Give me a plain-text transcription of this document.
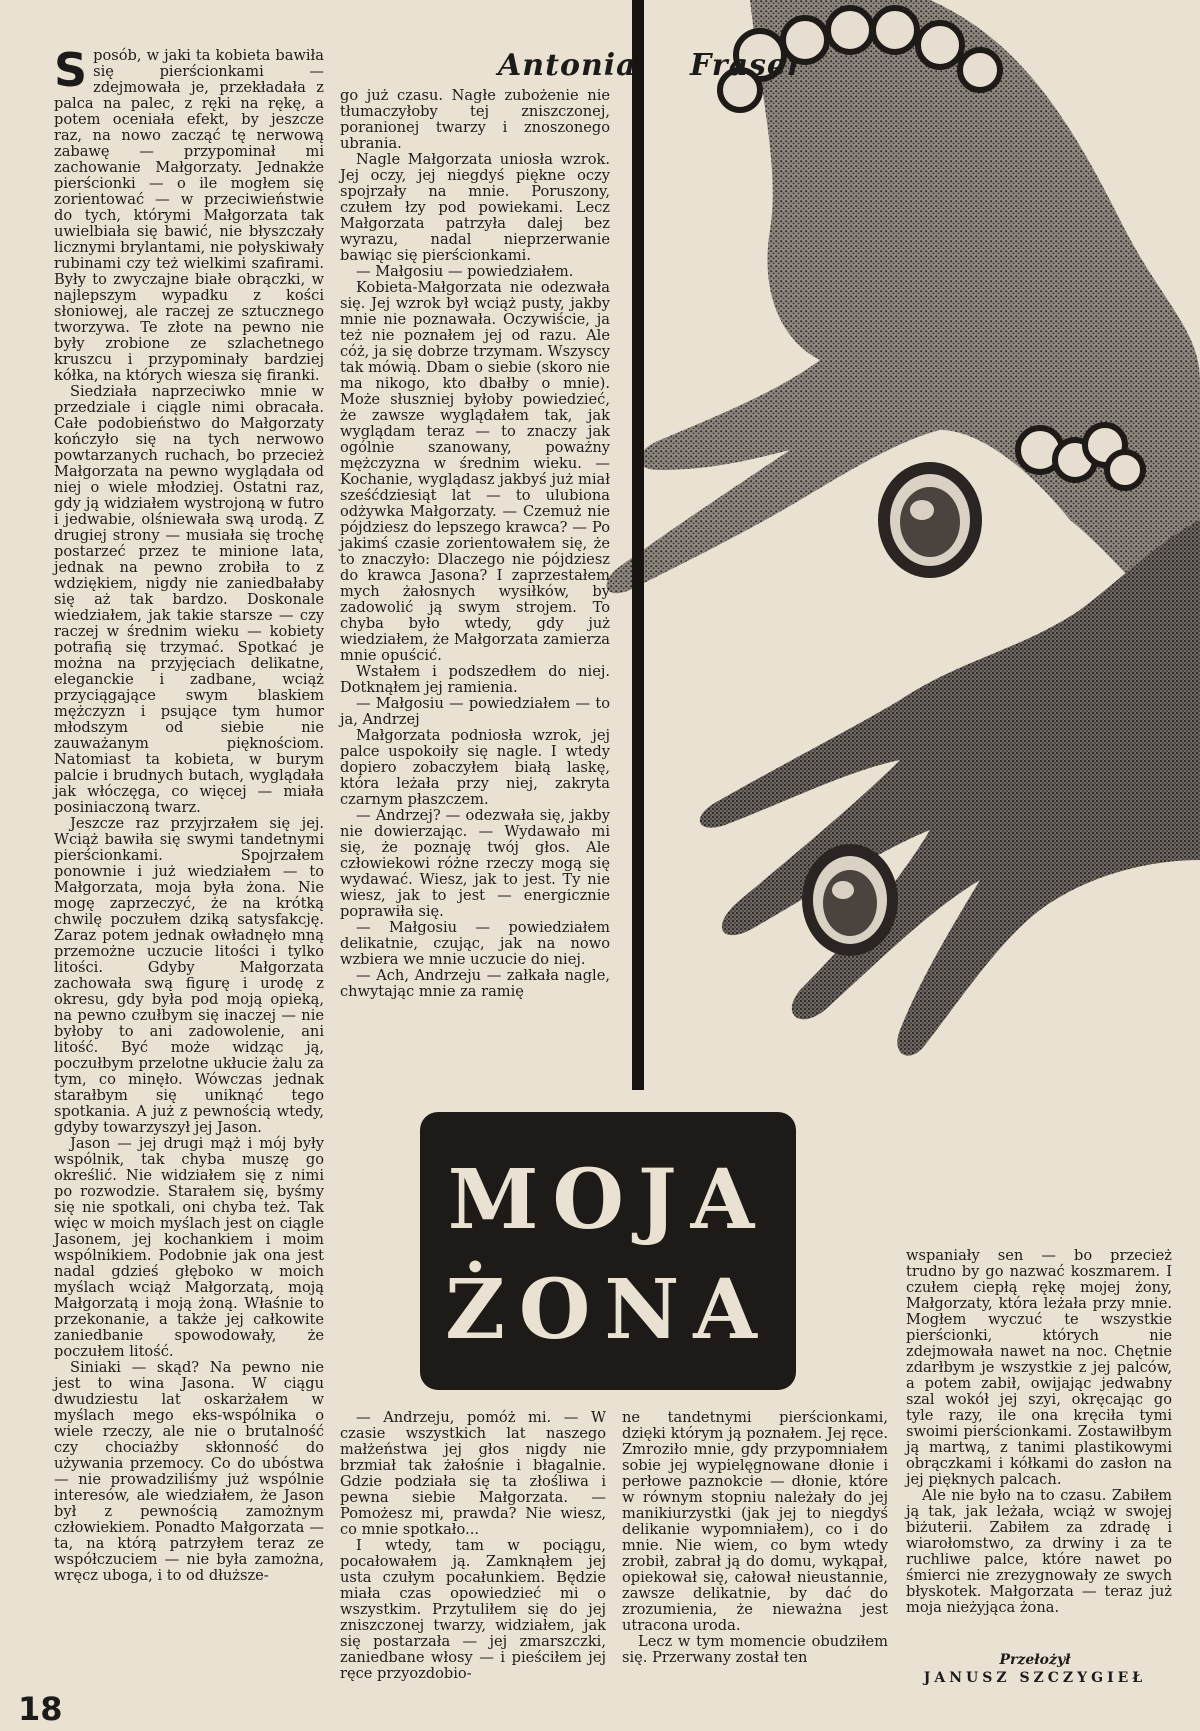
Antonia Fraser

Sposób, w jaki ta kobieta bawiła się pierścionkami — zdejmowała je, przekładała z palca na palec, z ręki na rękę, a potem oceniała efekt, by jeszcze raz, na nowo zacząć tę nerwową zabawę — przypominał mi zachowanie Małgorzaty. Jednakże pierścionki — o ile mogłem się zorientować — w przeciwieństwie do tych, którymi Małgorzata tak uwielbiała się bawić, nie błyszczały licznymi brylantami, nie połyskiwały rubinami czy też wielkimi szafirami. Były to zwyczajne białe obrączki, w najlepszym wypadku z kości słoniowej, ale raczej ze sztucznego tworzywa. Te złote na pewno nie były zrobione ze szlachetnego kruszcu i przypominały bardziej kółka, na których wiesza się firanki.

Siedziała naprzeciwko mnie w przedziale i ciągle nimi obracała. Całe podobieństwo do Małgorzaty kończyło się na tych nerwowo powtarzanych ruchach, bo przecież Małgorzata na pewno wyglądała od niej o wiele młodziej. Ostatni raz, gdy ją widziałem wystrojoną w futro i jedwabie, olśniewała swą urodą. Z drugiej strony — musiała się trochę postarzeć przez te minione lata, jednak na pewno zrobiła to z wdziękiem, nigdy nie zaniedbałaby się aż tak bardzo. Doskonale wiedziałem, jak takie starsze — czy raczej w średnim wieku — kobiety potrafią się trzymać. Spotkać je można na przyjęciach delikatne, eleganckie i zadbane, wciąż przyciągające swym blaskiem mężczyzn i psujące tym humor młodszym od siebie nie zauważanym pięknościom. Natomiast ta kobieta, w burym palcie i brudnych butach, wyglądała jak włóczęga, co więcej — miała posiniaczoną twarz.

Jeszcze raz przyjrzałem się jej. Wciąż bawiła się swymi tandetnymi pierścionkami. Spojrzałem ponownie i już wiedziałem — to Małgorzata, moja była żona. Nie mogę zaprzeczyć, że na krótką chwilę poczułem dziką satysfakcję. Zaraz potem jednak owładnęło mną przemożne uczucie litości i tylko litości. Gdyby Małgorzata zachowała swą figurę i urodę z okresu, gdy była pod moją opieką, na pewno czułbym się inaczej — nie byłoby to ani zadowolenie, ani litość. Być może widząc ją, poczułbym przelotne ukłucie żalu za tym, co minęło. Wówczas jednak starałbym się uniknąć tego spotkania. A już z pewnością wtedy, gdyby towarzyszył jej Jason.

Jason — jej drugi mąż i mój były wspólnik, tak chyba muszę go określić. Nie widziałem się z nimi po rozwodzie. Starałem się, byśmy się nie spotkali, oni chyba też. Tak więc w moich myślach jest on ciągle Jasonem, jej kochankiem i moim wspólnikiem. Podobnie jak ona jest nadal gdzieś głęboko w moich myślach wciąż Małgorzatą, moją Małgorzatą i moją żoną. Właśnie to przekonanie, a także jej całkowite zaniedbanie spowodowały, że poczułem litość.

Siniaki — skąd? Na pewno nie jest to wina Jasona. W ciągu dwudziestu lat oskarżałem w myślach mego eks-wspólnika o wiele rzeczy, ale nie o brutalność czy chociażby skłonność do używania przemocy. Co do ubóstwa — nie prowadziliśmy już wspólnie interesów, ale wiedziałem, że Jason był z pewnością zamożnym człowiekiem. Ponadto Małgorzata — ta, na którą patrzyłem teraz ze współczuciem — nie była zamożna, wręcz uboga, i to od dłuższe-

go już czasu. Nagłe zubożenie nie tłumaczyłoby tej zniszczonej, poranionej twarzy i znoszonego ubrania.

Nagle Małgorzata uniosła wzrok. Jej oczy, jej niegdyś piękne oczy spojrzały na mnie. Poruszony, czułem łzy pod powiekami. Lecz Małgorzata patrzyła dalej bez wyrazu, nadal nieprzerwanie bawiąc się pierścionkami.

— Małgosiu — powiedziałem.

Kobieta-Małgorzata nie odezwała się. Jej wzrok był wciąż pusty, jakby mnie nie poznawała. Oczywiście, ja też nie poznałem jej od razu. Ale cóż, ja się dobrze trzymam. Wszyscy tak mówią. Dbam o siebie (skoro nie ma nikogo, kto dbałby o mnie). Może słuszniej byłoby powiedzieć, że zawsze wyglądałem tak, jak wyglądam teraz — to znaczy jak ogólnie szanowany, poważny mężczyzna w średnim wieku. — Kochanie, wyglądasz jakbyś już miał sześćdziesiąt lat — to ulubiona odżywka Małgorzaty. — Czemuż nie pójdziesz do lepszego krawca? — Po jakimś czasie zorientowałem się, że to znaczyło: Dlaczego nie pójdziesz do krawca Jasona? I zaprzestałem mych żałosnych wysiłków, by zadowolić ją swym strojem. To chyba było wtedy, gdy już wiedziałem, że Małgorzata zamierza mnie opuścić.

Wstałem i podszedłem do niej. Dotknąłem jej ramienia.

— Małgosiu — powiedziałem — to ja, Andrzej

Małgorzata podniosła wzrok, jej palce uspokoiły się nagle. I wtedy dopiero zobaczyłem białą laskę, która leżała przy niej, zakryta czarnym płaszczem.

— Andrzej? — odezwała się, jakby nie dowierzając. — Wydawało mi się, że poznaję twój głos. Ale człowiekowi różne rzeczy mogą się wydawać. Wiesz, jak to jest. Ty nie wiesz, jak to jest — energicznie poprawiła się.

— Małgosiu — powiedziałem delikatnie, czując, jak na nowo wzbiera we mnie uczucie do niej.

— Ach, Andrzeju — załkała nagle, chwytając mnie za ramię

MOJA
ŻONA

— Andrzeju, pomóż mi. — W czasie wszystkich lat naszego małżeństwa jej głos nigdy nie brzmiał tak żałośnie i błagalnie. Gdzie podziała się ta złośliwa i pewna siebie Małgorzata. — Pomożesz mi, prawda? Nie wiesz, co mnie spotkało...

I wtedy, tam w pociągu, pocałowałem ją. Zamknąłem jej usta czułym pocałunkiem. Będzie miała czas opowiedzieć mi o wszystkim. Przytuliłem się do jej zniszczonej twarzy, widziałem, jak się postarzała — jej zmarszczki, zaniedbane włosy — i pieściłem jej ręce przyozdobio-

ne tandetnymi pierścionkami, dzięki którym ją poznałem. Jej ręce. Zmroziło mnie, gdy przypomniałem sobie jej wypielęgnowane dłonie i perłowe paznokcie — dłonie, które w równym stopniu należały do jej manikiurzystki (jak jej to niegdyś delikanie wypomniałem), co i do mnie. Nie wiem, co bym wtedy zrobił, zabrał ją do domu, wykąpał, opiekował się, całował nieustannie, zawsze delikatnie, by dać do zrozumienia, że nieważna jest utracona uroda.

Lecz w tym momencie obudziłem się. Przerwany został ten

wspaniały sen — bo przecież trudno by go nazwać koszmarem. I czułem ciepłą rękę mojej żony, Małgorzaty, która leżała przy mnie. Mogłem wyczuć te wszystkie pierścionki, których nie zdejmowała nawet na noc. Chętnie zdarłbym je wszystkie z jej palców, a potem zabił, owijając jedwabny szal wokół jej szyi, okręcając go tyle razy, ile ona kręciła tymi swoimi pierścionkami. Zostawiłbym ją martwą, z tanimi plastikowymi obrączkami i kółkami do zasłon na jej pięknych palcach.

Ale nie było na to czasu. Zabiłem ją tak, jak leżała, wciąż w swojej biżuterii. Zabiłem za zdradę i wiarołomstwo, za drwiny i za te ruchliwe palce, które nawet po śmierci nie zrezygnowały ze swych błyskotek. Małgorzata — teraz już moja nieżyjąca żona.

Przełożył
JANUSZ SZCZYGIEŁ
18
